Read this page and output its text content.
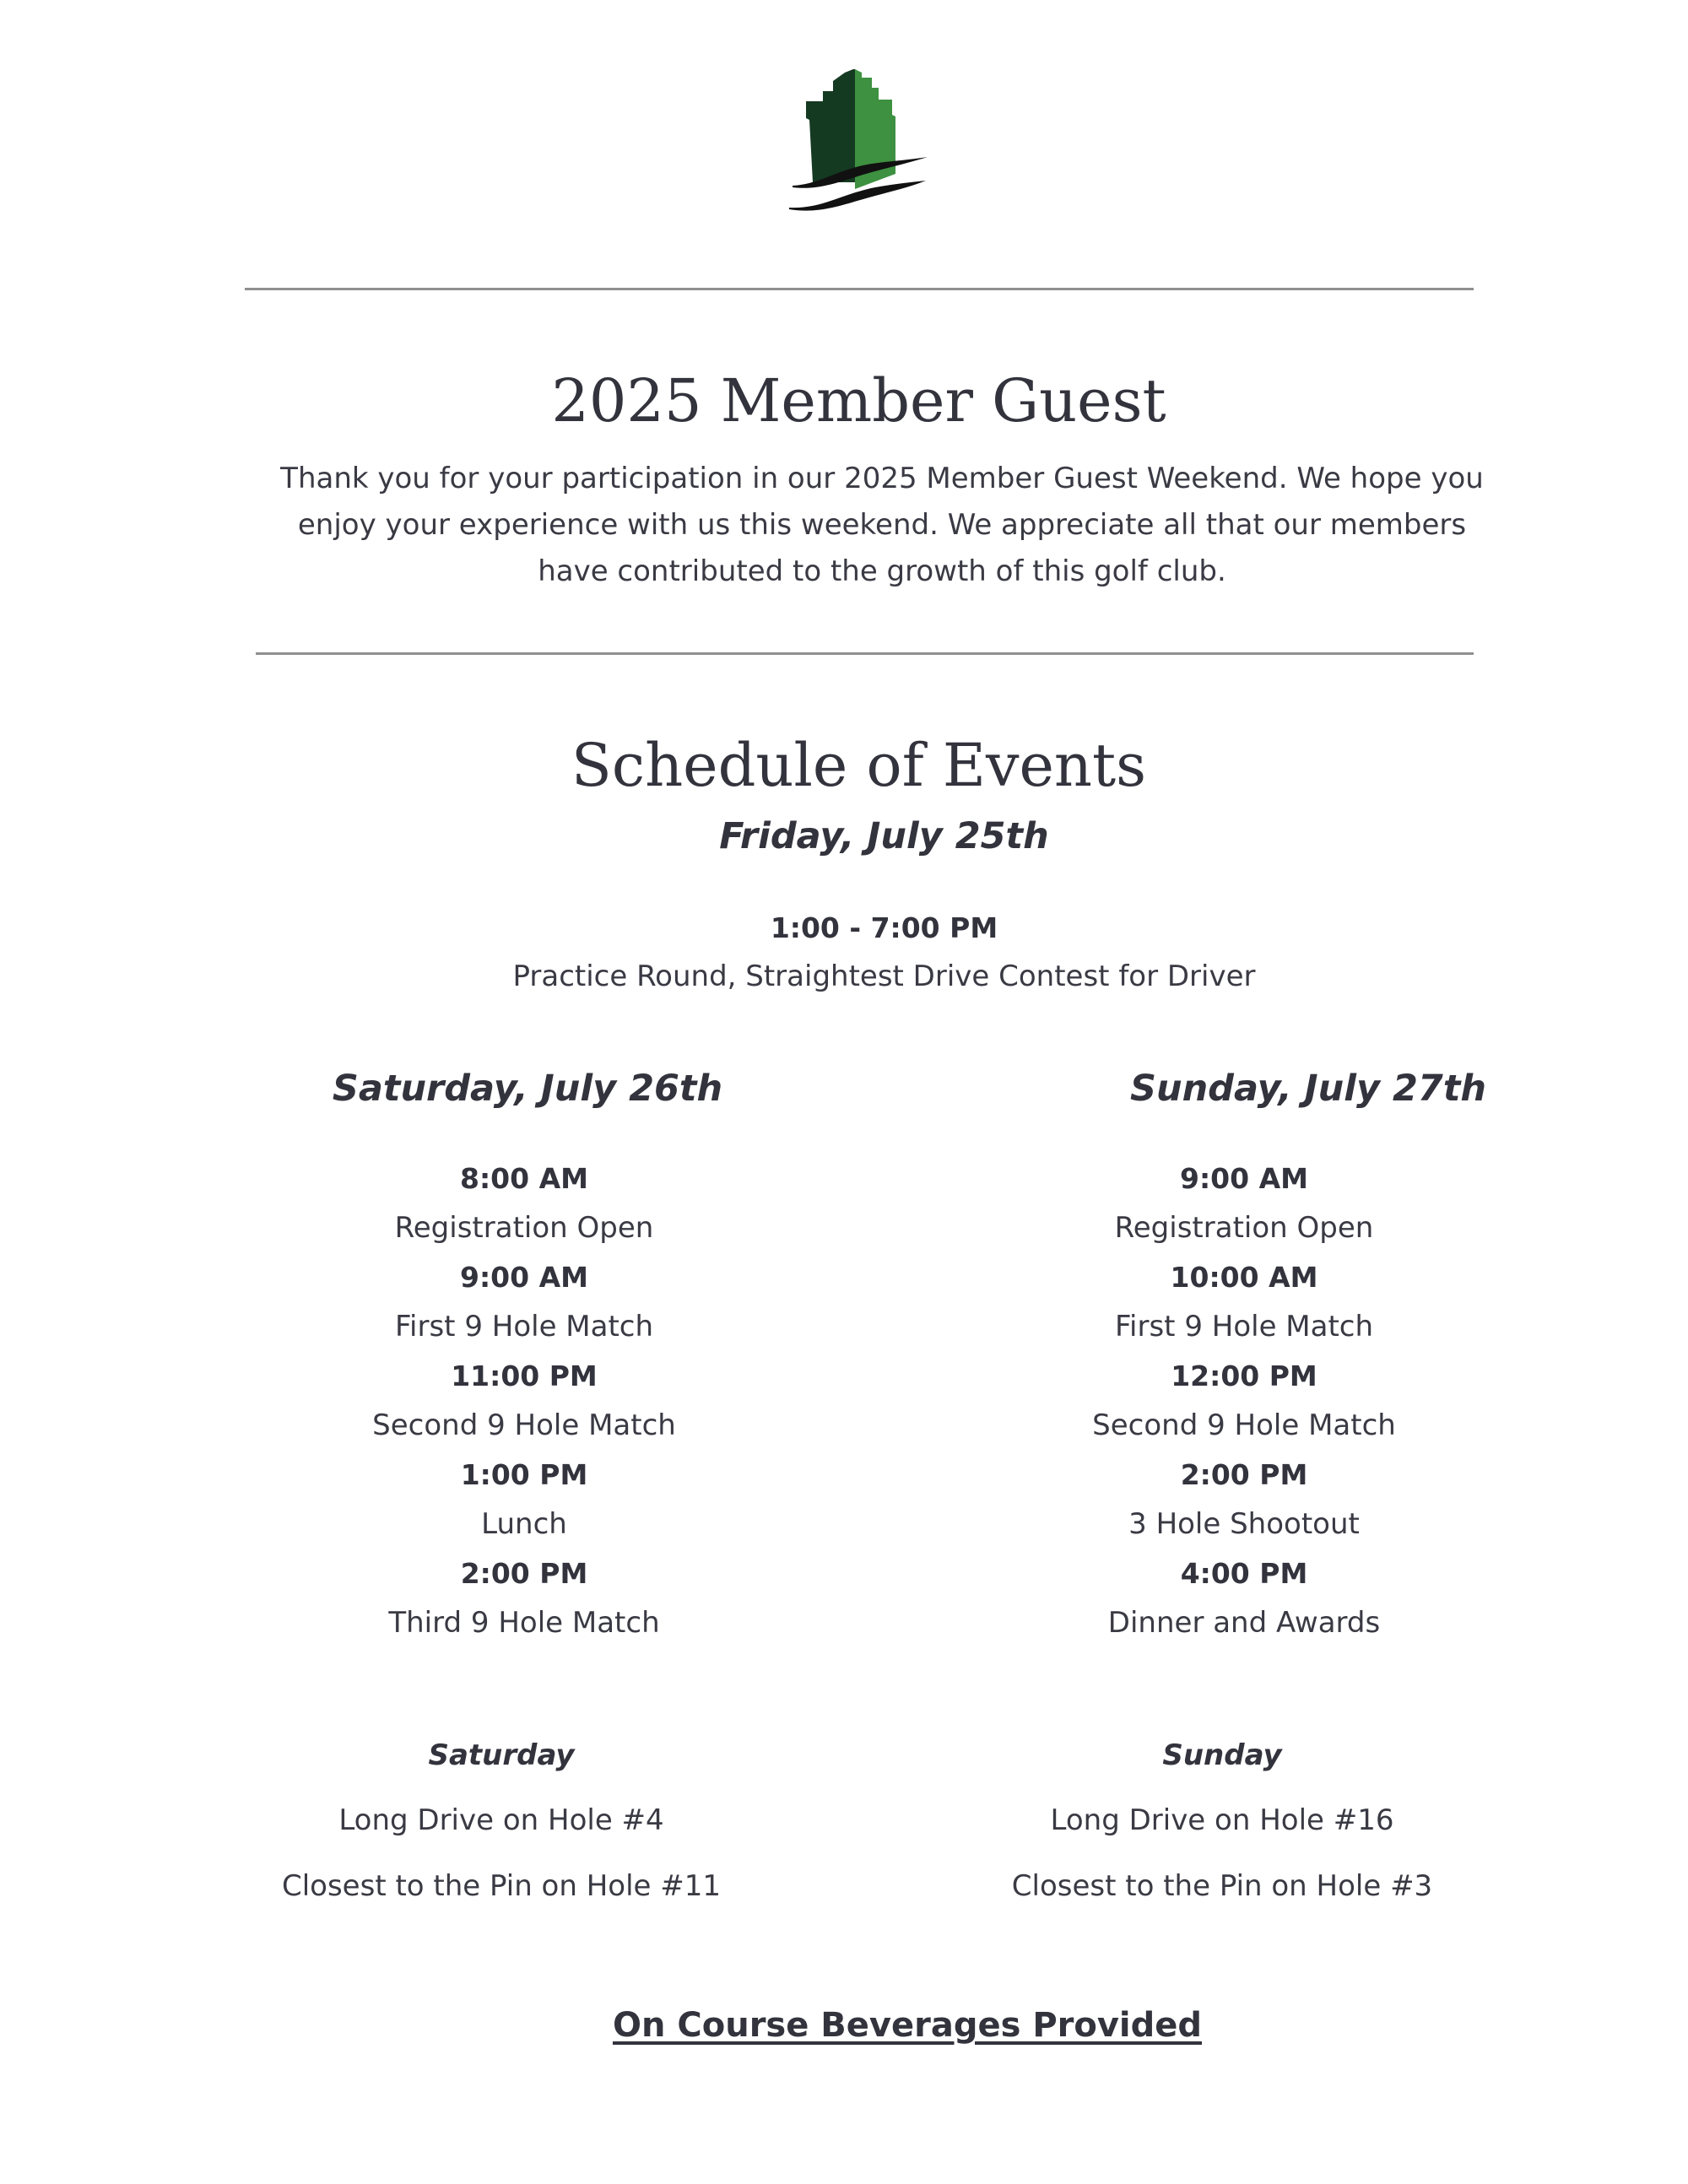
2025 Member Guest
Thank you for your participation in our 2025 Member Guest Weekend. We hope you enjoy your experience with us this weekend. We appreciate all that our members have contributed to the growth of this golf club.
Schedule of Events
Friday, July 25th
1:00 - 7:00 PM
Practice Round, Straightest Drive Contest for Driver
Saturday, July 26th
8:00 AM
Registration Open
9:00 AM
First 9 Hole Match
11:00 PM
Second 9 Hole Match
1:00 PM
Lunch
2:00 PM
Third 9 Hole Match
Sunday, July 27th
9:00 AM
Registration Open
10:00 AM
First 9 Hole Match
12:00 PM
Second 9 Hole Match
2:00 PM
3 Hole Shootout
4:00 PM
Dinner and Awards
Saturday
Long Drive on Hole #4
Closest to the Pin on Hole #11
Sunday
Long Drive on Hole #16
Closest to the Pin on Hole #3
On Course Beverages Provided
